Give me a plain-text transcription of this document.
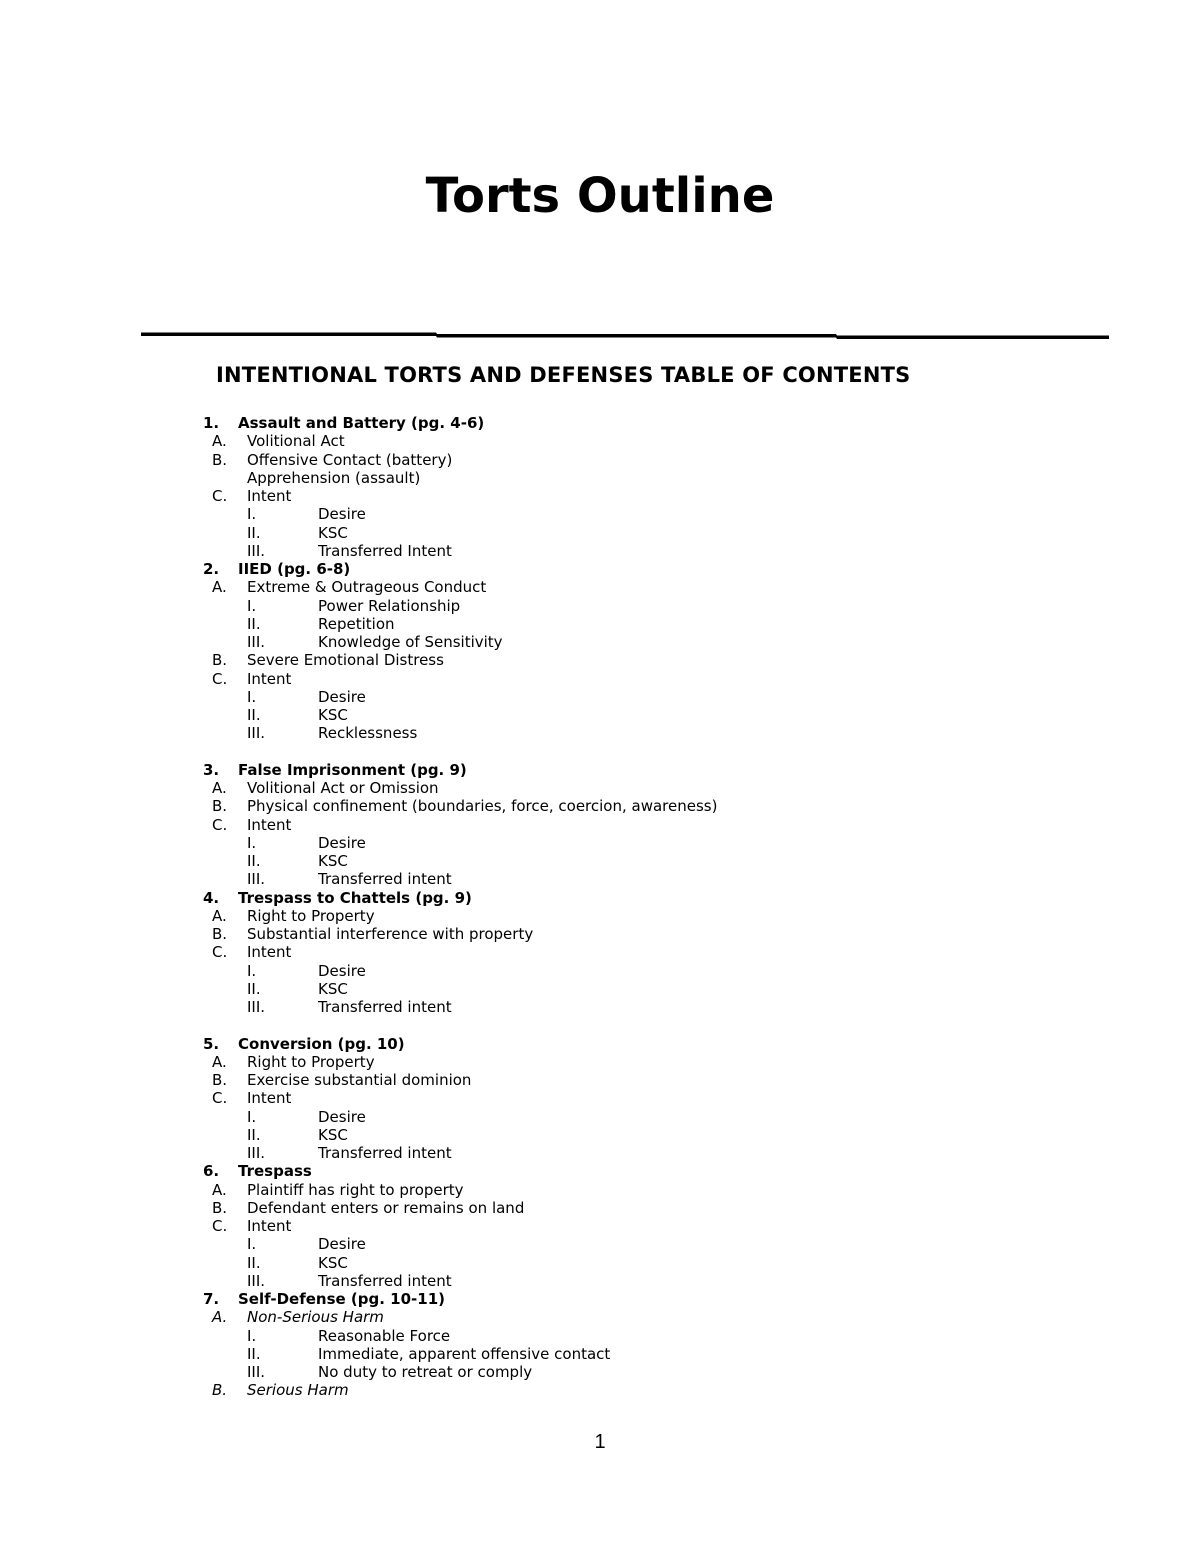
Torts Outline
INTENTIONAL TORTS AND DEFENSES TABLE OF CONTENTS
1. Assault and Battery (pg. 4-6)
A. Volitional Act
B. Offensive Contact (battery)
Apprehension (assault)
C. Intent
I.	Desire
II.	KSC
III.	Transferred Intent
2. IIED (pg. 6-8)
A. Extreme & Outrageous Conduct
I.	Power Relationship
II.	Repetition
III.	Knowledge of Sensitivity
B. Severe Emotional Distress
C. Intent
I.	Desire
II.	KSC
III.	Recklessness
3. False Imprisonment (pg. 9)
A. Volitional Act or Omission
B. Physical confinement (boundaries, force, coercion, awareness)
C. Intent
I.	Desire
II.	KSC
III.	Transferred intent
4. Trespass to Chattels (pg. 9)
A. Right to Property
B. Substantial interference with property
C. Intent
I.	Desire
II.	KSC
III.	Transferred intent
5. Conversion (pg. 10)
A. Right to Property
B. Exercise substantial dominion
C. Intent
I.	Desire
II.	KSC
III.	Transferred intent
6. Trespass
A. Plaintiff has right to property
B. Defendant enters or remains on land
C. Intent
I.	Desire
II.	KSC
III.	Transferred intent
7. Self-Defense (pg. 10-11)
A. Non-Serious Harm
I.	Reasonable Force
II.	Immediate, apparent offensive contact
III.	No duty to retreat or comply
B. Serious Harm
1
